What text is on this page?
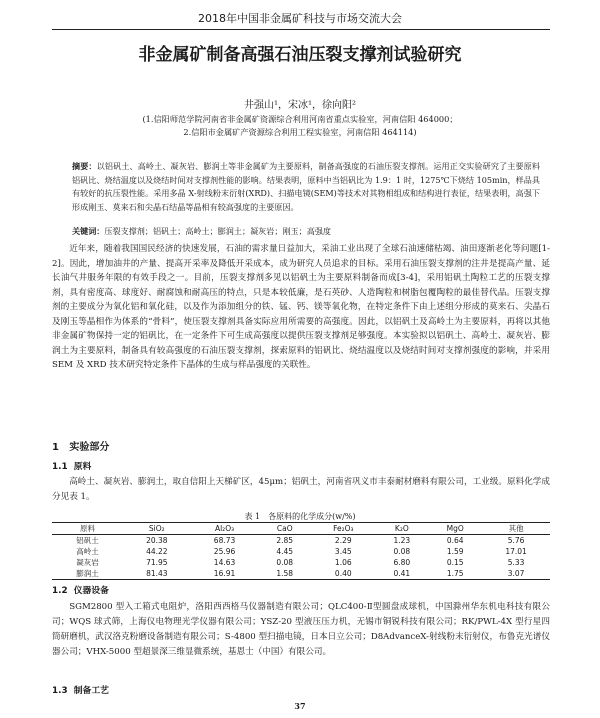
2018年中国非金属矿科技与市场交流大会
非金属矿制备高强石油压裂支撑剂试验研究
井强山¹，宋冰¹，徐向阳²
(1.信阳师范学院河南省非金属矿资源综合利用河南省重点实验室，河南信阳 464000；
2.信阳市金属矿产资源综合利用工程实验室，河南信阳 464114)
摘要：以铝矾土、高岭土、凝灰岩、膨润土等非金属矿为主要原料，制备高强度的石油压裂支撑剂。运用正交实验研究了主要原料铝矾比、烧结温度以及烧结时间对支撑剂性能的影响。结果表明，原料中当铝矾比为 1.9：1 时，1275℃下烧结 105min，样品具有较好的抗压裂性能。采用多晶 X-射线粉末衍射(XRD)、扫描电镜(SEM)等技术对其物相组成和结构进行表征，结果表明，高强下形成刚玉、莫来石和尖晶石结晶等晶相有较高强度的主要原因。
关键词：压裂支撑剂；铝矾土；高岭土；膨润土；凝灰岩；刚玉；高强度
近年来，随着我国国民经济的快速发展，石油的需求量日益加大，采油工业出现了全球石油速储枯竭、油田逐渐老化等问题[1-2]。因此，增加油井的产量、提高开采率及降低开采成本，成为研究人员追求的目标。采用石油压裂支撑剂的注井是提高产量、延长油气井服务年限的有效手段之一。目前，压裂支撑剂多见以铝矾土为主要原料制备而成[3-4]，采用铝矾土陶粒工艺的压裂支撑剂，具有密度高、球度好、耐腐蚀和耐高压的特点，只是本较低廉，是石英砂、人造陶粒和树脂包覆陶粒的最佳替代品。压裂支撑剂的主要成分为氧化铝和氧化硅，以及作为添加组分的铁、锰、钙、镁等氧化物，在特定条件下由上述组分形成的莫来石、尖晶石及刚玉等晶相作为体系的“骨料”，使压裂支撑剂具备实际应用所需要的高强度。因此，以铝矾土及高岭土为主要原料，再将以其他非金属矿物保持一定的铝矾比，在一定条件下可生成高强度以提供压裂支撑剂足够强度。本实验拟以铝矾土、高岭土、凝灰岩、膨润土为主要原料，制备具有较高强度的石油压裂支撑剂，探索原料的铝矾比、烧结温度以及烧结时间对支撑剂强度的影响，并采用 SEM 及 XRD 技术研究特定条件下晶体的生成与样品强度的关联性。
1 实验部分
1.1 原料
高岭土、凝灰岩、膨润土，取自信阳上天梯矿区，45μm；铝矾土，河南省巩义市丰泰耐材磨料有限公司，工业级。原料化学成分见表 1。
表 1　各原料的化学成分(w/%)
原料	SiO₂	Al₂O₃	CaO	Fe₂O₃	K₂O	MgO	其他
铝矾土	20.38	68.73	2.85	2.29	1.23	0.64	5.76
高岭土	44.22	25.96	4.45	3.45	0.08	1.59	17.01
凝灰岩	71.95	14.63	0.08	1.06	6.80	0.15	5.33
膨润土	81.43	16.91	1.58	0.40	0.41	1.75	3.07
1.2 仪器设备
SGM2800 型入工箱式电阻炉，洛阳西西格马仪器制造有限公司；QLC400-Ⅱ型圆盘成球机，中国滁州华东机电科技有限公司；WQS 球式筛，上海仪电物理光学仪器有限公司；YSZ-20 型液压压力机，无锡市铜锐科技有限公司；RK/PWL-4X 型行星四筒研磨机，武汉洛克粉磨设备制造有限公司；S-4800 型扫描电镜，日本日立公司；D8AdvanceX-射线粉末衍射仪，布鲁克光谱仪器公司；VHX-5000 型超景深三维显微系统，基恩士（中国）有限公司。
1.3 制备工艺
37
